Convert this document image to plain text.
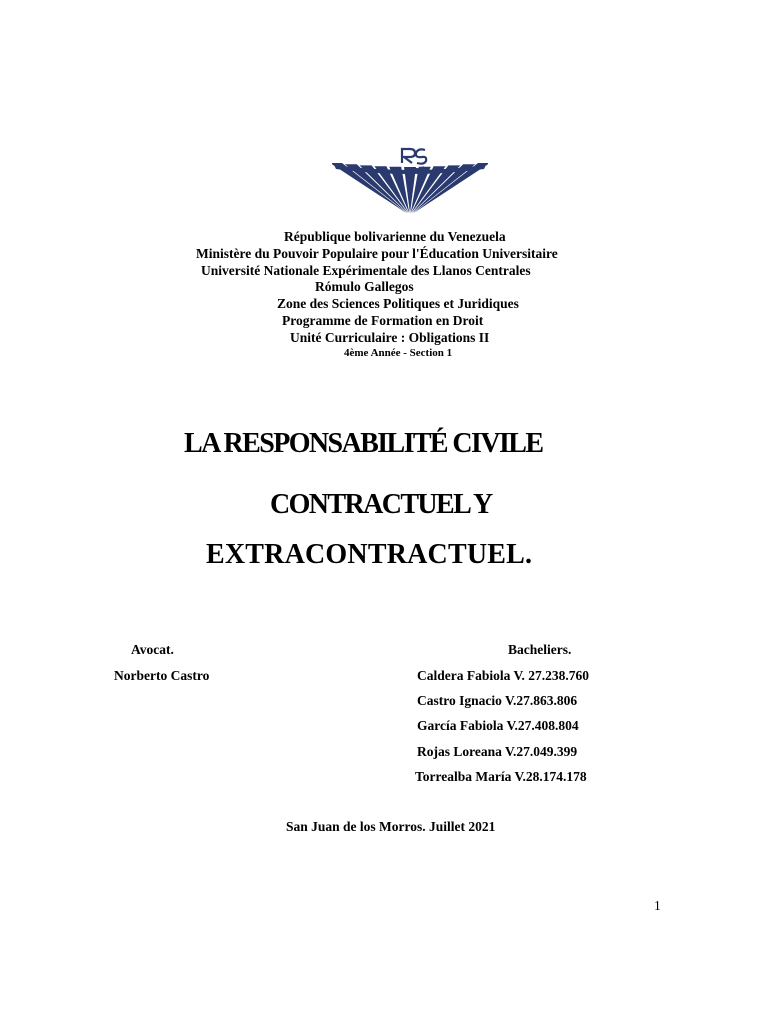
République bolivarienne du Venezuela
Ministère du Pouvoir Populaire pour l'Éducation Universitaire
Université Nationale Expérimentale des Llanos Centrales
Rómulo Gallegos
Zone des Sciences Politiques et Juridiques
Programme de Formation en Droit
Unité Curriculaire : Obligations II
4ème Année - Section 1
LA RESPONSABILITÉ CIVILE
CONTRACTUEL Y
EXTRACONTRACTUEL.
Avocat.
Norberto Castro
Bacheliers.
Caldera Fabiola V. 27.238.760
Castro Ignacio V.27.863.806
García Fabiola V.27.408.804
Rojas Loreana V.27.049.399
Torrealba María V.28.174.178
San Juan de los Morros. Juillet 2021
1
